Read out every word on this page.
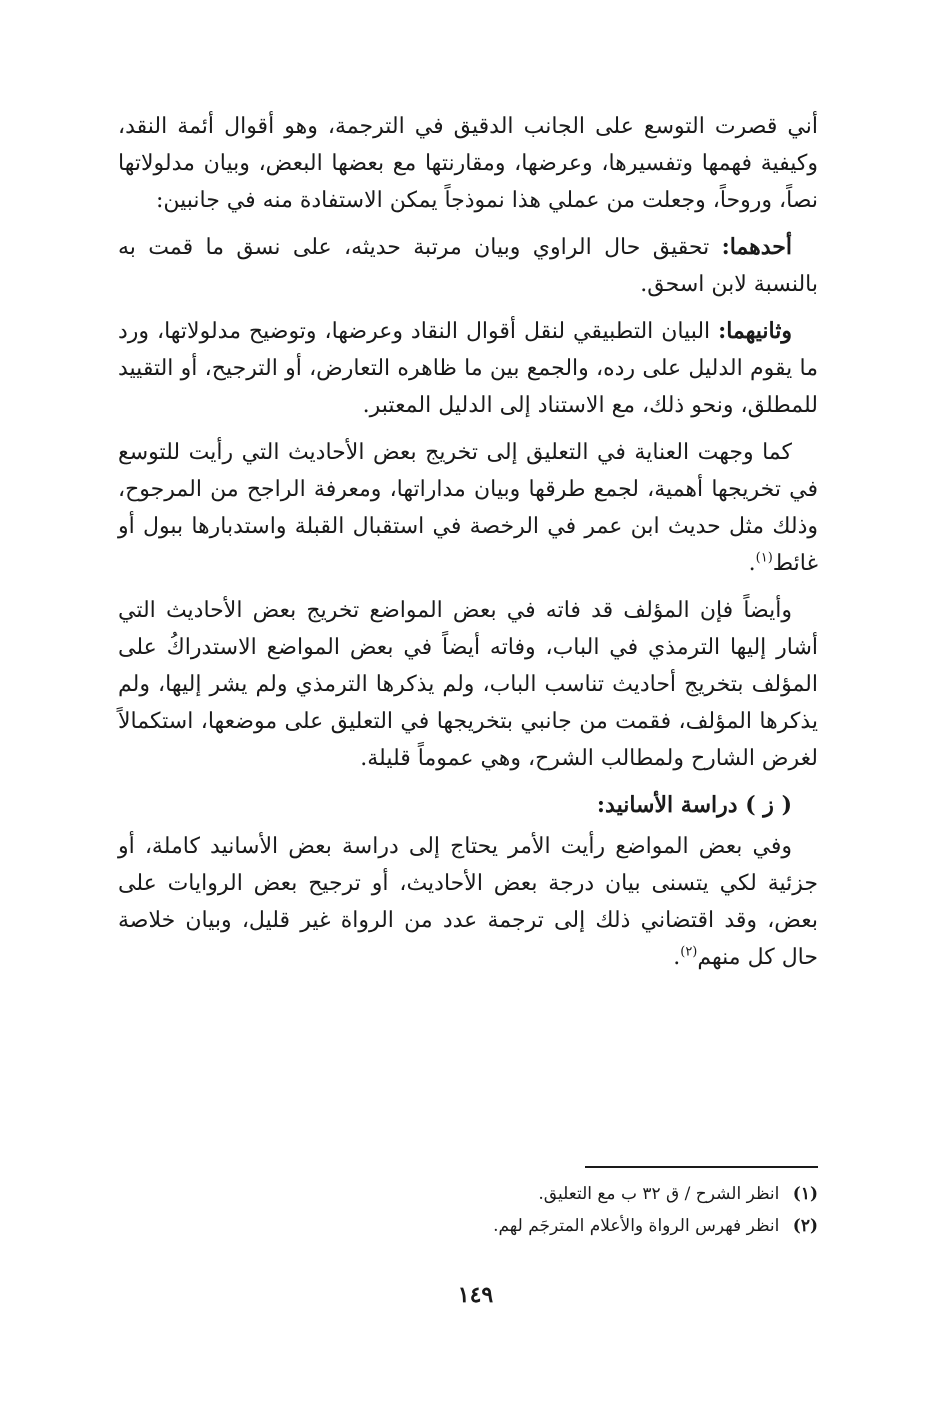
أني قصرت التوسع على الجانب الدقيق في الترجمة، وهو أقوال أئمة النقد، وكيفية فهمها وتفسيرها، وعرضها، ومقارنتها مع بعضها البعض، وبيان مدلولاتها نصاً، وروحاً، وجعلت من عملي هذا نموذجاً يمكن الاستفادة منه في جانبين:

أحدهما: تحقيق حال الراوي وبيان مرتبة حديثه، على نسق ما قمت به بالنسبة لابن اسحق.

وثانيهما: البيان التطبيقي لنقل أقوال النقاد وعرضها، وتوضيح مدلولاتها، ورد ما يقوم الدليل على رده، والجمع بين ما ظاهره التعارض، أو الترجيح، أو التقييد للمطلق، ونحو ذلك، مع الاستناد إلى الدليل المعتبر.

كما وجهت العناية في التعليق إلى تخريج بعض الأحاديث التي رأيت للتوسع في تخريجها أهمية، لجمع طرقها وبيان مداراتها، ومعرفة الراجح من المرجوح، وذلك مثل حديث ابن عمر في الرخصة في استقبال القبلة واستدبارها ببول أو غائط$^{(١)}$.

وأيضاً فإن المؤلف قد فاته في بعض المواضع تخريج بعض الأحاديث التي أشار إليها الترمذي في الباب، وفاته أيضاً في بعض المواضع الاستدراكُ على المؤلف بتخريج أحاديث تناسب الباب، ولم يذكرها الترمذي ولم يشر إليها، ولم يذكرها المؤلف، فقمت من جانبي بتخريجها في التعليق على موضعها، استكمالاً لغرض الشارح ولمطالب الشرح، وهي عموماً قليلة.

( ز ) دراسة الأسانيد:

وفي بعض المواضع رأيت الأمر يحتاج إلى دراسة بعض الأسانيد كاملة، أو جزئية لكي يتسنى بيان درجة بعض الأحاديث، أو ترجيح بعض الروايات على بعض، وقد اقتضاني ذلك إلى ترجمة عدد من الرواة غير قليل، وبيان خلاصة حال كل منهم$^{(٢)}$.

(١) انظر الشرح / ق ٣٢ ب مع التعليق.

(٢) انظر فهرس الرواة والأعلام المترجَم لهم.

١٤٩
